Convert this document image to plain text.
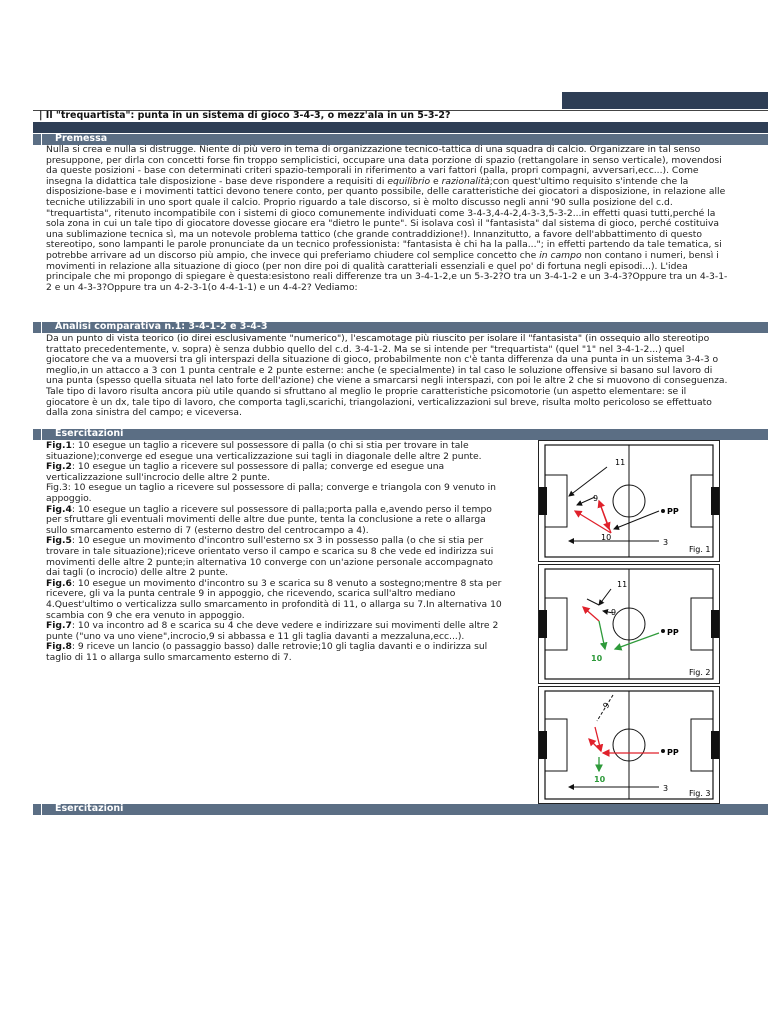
| Il "trequartista": punta in un sistema di gioco 3-4-3, o mezz'ala in un 5-3-2?
Premessa

Nulla si crea e nulla si distrugge. Niente di più vero in tema di organizzazione tecnico-tattica di una squadra di calcio. Organizzare in tal senso presuppone, per dirla con concetti forse fin troppo semplicistici, occupare una data porzione di spazio (rettangolare in senso verticale), movendosi da queste posizioni - base con determinati criteri spazio-temporali in riferimento a vari fattori (palla, propri compagni, avversari,ecc...). Come insegna la didattica tale disposizione - base deve rispondere a requisiti di equilibrio e razionalità;con quest'ultimo requisito s'intende che la disposizione-base e i movimenti tattici devono tenere conto, per quanto possibile, delle caratteristiche dei giocatori a disposizione, in relazione alle tecniche utilizzabili in uno sport quale il calcio. Proprio riguardo a tale discorso, si è molto discusso negli anni '90 sulla posizione del c.d. "trequartista", ritenuto incompatibile con i sistemi di gioco comunemente individuati come 3-4-3,4-4-2,4-3-3,5-3-2...in effetti quasi tutti,perché la sola zona in cui un tale tipo di giocatore dovesse giocare era "dietro le punte". Si isolava così il "fantasista" dal sistema di gioco, perché costituiva una sublimazione tecnica sì, ma un notevole problema tattico (che grande contraddizione!). Innanzitutto, a favore dell'abbattimento di questo stereotipo, sono lampanti le parole pronunciate da un tecnico professionista: "fantasista è chi ha la palla..."; in effetti partendo da tale tematica, si potrebbe arrivare ad un discorso più ampio, che invece qui preferiamo chiudere col semplice concetto che in campo non contano i numeri, bensì i movimenti in relazione alla situazione di gioco (per non dire poi di qualità caratteriali essenziali e quel po' di fortuna negli episodi...). L'idea principale che mi propongo di spiegare è questa:esistono reali differenze tra un 3-4-1-2,e un 5-3-2?O tra un 3-4-1-2 e un 3-4-3?Oppure tra un 4-3-1-2 e un 4-3-3?Oppure tra un 4-2-3-1(o 4-4-1-1) e un 4-4-2? Vediamo:

Analisi comparativa n.1: 3-4-1-2 e 3-4-3

Da un punto di vista teorico (io direi esclusivamente "numerico"), l'escamotage più riuscito per isolare il "fantasista" (in ossequio allo stereotipo trattato precedentemente, v. sopra) è senza dubbio quello del c.d. 3-4-1-2. Ma se si intende per "trequartista" (quel "1" nel 3-4-1-2...) quel giocatore che va a muoversi tra gli interspazi della situazione di gioco, probabilmente non c'è tanta differenza da una punta in un sistema 3-4-3 o meglio,in un attacco a 3 con 1 punta centrale e 2 punte esterne: anche (e specialmente) in tal caso le soluzione offensive si basano sul lavoro di una punta (spesso quella situata nel lato forte dell'azione) che viene a smarcarsi negli interspazi, con poi le altre 2 che si muovono di conseguenza. Tale tipo di lavoro risulta ancora più utile quando si sfruttano al meglio le proprie caratteristiche psicomotorie (un aspetto elementare: se il giocatore è un dx, tale tipo di lavoro, che comporta tagli,scarichi, triangolazioni, verticalizzazioni sul breve, risulta molto pericoloso se effettuato dalla zona sinistra del campo; e viceversa.

Esercitazioni
Fig.1: 10 esegue un taglio a ricevere sul possessore di palla (o chi si stia per trovare in tale situazione);converge ed esegue una verticalizzazione sui tagli in diagonale delle altre 2 punte.
Fig.2: 10 esegue un taglio a ricevere sul possessore di palla; converge ed esegue una verticalizzazione sull'incrocio delle altre 2 punte.
Fig.3: 10 esegue un taglio a ricevere sul possessore di palla; converge e triangola con 9 venuto in appoggio.
Fig.4: 10 esegue un taglio a ricevere sul possessore di palla;porta palla e,avendo perso il tempo per sfruttare gli eventuali movimenti delle altre due punte, tenta la conclusione a rete o allarga sullo smarcamento esterno di 7 (esterno destro del centrocampo a 4).
Fig.5: 10 esegue un movimento d'incontro sull'esterno sx 3 in possesso palla (o che si stia per trovare in tale situazione);riceve orientato verso il campo e scarica su 8 che vede ed indirizza sui movimenti delle altre 2 punte;in alternativa 10 converge con un'azione personale accompagnato dai tagli (o incrocio) delle altre 2 punte.
Fig.6: 10 esegue un movimento d'incontro su 3 e scarica su 8 venuto a sostegno;mentre 8 sta per ricevere, gli va la punta centrale 9 in appoggio, che ricevendo, scarica sull'altro mediano 4.Quest'ultimo o verticalizza sullo smarcamento in profondità di 11, o allarga su 7.In alternativa 10 scambia con 9 che era venuto in appoggio.
Fig.7: 10 va incontro ad 8 e scarica su 4 che deve vedere e indirizzare sui movimenti delle altre 2 punte ("uno va uno viene",incrocio,9 si abbassa e 11 gli taglia davanti a mezzaluna,ecc...).
Fig.8: 9 riceve un lancio (o passaggio basso) dalle retrovie;10 gli taglia davanti e o indirizza sul taglio di 11 o allarga sullo smarcamento esterno di 7.
11
9
10
3
PP
Fig. 1
11
9
10
PP
Fig. 2
9
10
3
PP
Fig. 3
Esercitazioni
